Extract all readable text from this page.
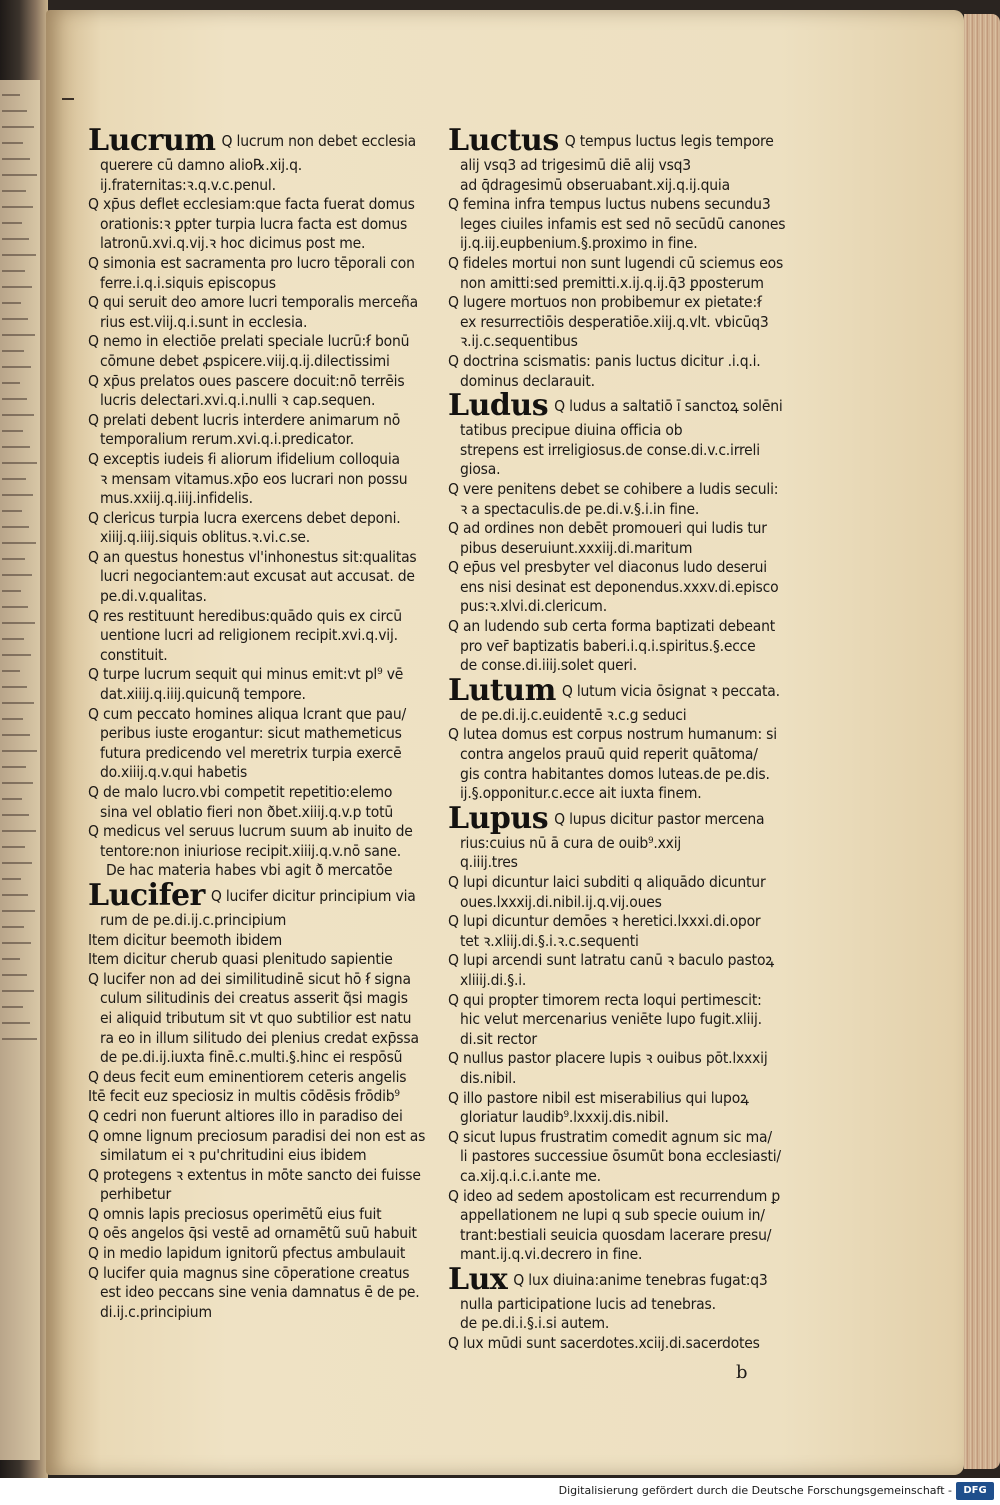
Lucrum Q lucrum non debet ecclesia
querere cū damno alio℞.xij.q.
ij.fraternitas:ꝛ.q.v.c.penul.
Q xp̄us defleŧ ecclesiam:que facta fuerat domus
orationis:ꝛ ꝑpter turpia lucra facta est domus
latronū.xvi.q.vij.ꝛ hoc dicimus post me.
Q simonia est sacramenta pro lucro tēporali con
ferre.i.q.i.siquis episcopus
Q qui seruit deo amore lucri temporalis merceña
rius est.viij.q.i.sunt in ecclesia.
Q nemo in electiōe prelati speciale lucrū:ẜ bonū
cōmune debet ꝓspicere.viij.q.ij.dilectissimi
Q xp̄us prelatos oues pascere docuit:nō terrēis
lucris delectari.xvi.q.i.nulli ꝛ cap.sequen.
Q prelati debent lucris interdere animarum nō
temporalium rerum.xvi.q.i.predicator.
Q exceptis iudeis ẜi aliorum ifidelium colloquia
ꝛ mensam vitamus.xp̄o eos lucrari non possu
mus.xxiij.q.iiij.infidelis.
Q clericus turpia lucra exercens debet deponi.
xiiij.q.iiij.siquis oblitus.ꝛ.vi.c.se.
Q an questus honestus vl'inhonestus sit:qualitas
lucri negociantem:aut excusat aut accusat. de
pe.di.v.qualitas.
Q res restituunt heredibus:quādo quis ex circū
uentione lucri ad religionem recipit.xvi.q.vij.
constituit.
Q turpe lucrum sequit qui minus emit:vt pl⁹ vē
dat.xiiij.q.iiij.quicunq̃ tempore.
Q cum peccato homines aliqua lcrant que pau/
peribus iuste erogantur: sicut mathemeticus
futura predicendo vel meretrix turpia exercē
do.xiiij.q.v.qui habetis
Q de malo lucro.vbi competit repetitio:elemo
sina vel oblatio fieri non ðbet.xiiij.q.v.p totū
Q medicus vel seruus lucrum suum ab inuito de
tentore:non iniuriose recipit.xiiij.q.v.nō sane.
De hac materia habes vbi agit ð mercatōe
Lucifer Q lucifer dicitur principium via
rum de pe.di.ij.c.principium
Item dicitur beemoth ibidem
Item dicitur cherub quasi plenitudo sapientie
Q lucifer non ad dei similitudinē sicut hō ẜ signa
culum silitudinis dei creatus asserit q̃si magis
ei aliquid tributum sit vt quo subtilior est natu
ra eo in illum silitudo dei plenius credat exp̄ssa
de pe.di.ij.iuxta finē.c.multi.§.hinc ei respōsũ
Q deus fecit eum eminentiorem ceteris angelis
Itē fecit euz speciosiz in multis cōdēsis frōdib⁹
Q cedri non fuerunt altiores illo in paradiso dei
Q omne lignum preciosum paradisi dei non est as
similatum ei ꝛ pu'chritudini eius ibidem
Q protegens ꝛ extentus in mōte sancto dei fuisse
perhibetur
Q omnis lapis preciosus operimētũ eius fuit
Q oēs angelos q̄si vestē ad ornamētũ suū habuit
Q in medio lapidum ignitorũ pfectus ambulauit
Q lucifer quia magnus sine cōperatione creatus
est ideo peccans sine venia damnatus ē de pe.
di.ij.c.principium
Luctus Q tempus luctus legis tempore
alij vsq3 ad trigesimū diē alij vsq3
ad q̄dragesimū obseruabant.xij.q.ij.quia
Q femina infra tempus luctus nubens secundu3
leges ciuiles infamis est sed nō secūdū canones
ij.q.iij.eupbenium.§.proximo in fine.
Q fideles mortui non sunt lugendi cū sciemus eos
non amitti:sed premitti.x.ij.q.ij.q̄3 ꝑposterum
Q lugere mortuos non probibemur ex pietate:ẜ
ex resurrectiōis desperatiōe.xiij.q.vlt. vbicūq3
ꝛ.ij.c.sequentibus
Q doctrina scismatis: panis luctus dicitur .i.q.i.
dominus declarauit.
Ludus Q ludus a saltatiō ī sanctoꝝ solēni
tatibus precipue diuina officia ob
strepens est irreligiosus.de conse.di.v.c.irreli
giosa.
Q vere penitens debet se cohibere a ludis seculi:
ꝛ a spectaculis.de pe.di.v.§.i.in fine.
Q ad ordines non debēt promoueri qui ludis tur
pibus deseruiunt.xxxiij.di.maritum
Q ep̄us vel presbyter vel diaconus ludo deserui
ens nisi desinat est deponendus.xxxv.di.episco
pus:ꝛ.xlvi.di.clericum.
Q an ludendo sub certa forma baptizati debeant
pro ver̄ baptizatis baberi.i.q.i.spiritus.§.ecce
de conse.di.iiij.solet queri.
Lutum Q lutum vicia ōsignat ꝛ peccata.
de pe.di.ij.c.euidentē ꝛ.c.g seduci
Q lutea domus est corpus nostrum humanum: si
contra angelos prauū quid reperit quātoma/
gis contra habitantes domos luteas.de pe.dis.
ij.§.opponitur.c.ecce ait iuxta finem.
Lupus Q lupus dicitur pastor mercena
rius:cuius nū ā cura de ouib⁹.xxij
q.iiij.tres
Q lupi dicuntur laici subditi q aliquādo dicuntur
oues.lxxxij.di.nibil.ij.q.vij.oues
Q lupi dicuntur demōes ꝛ heretici.lxxxi.di.opor
tet ꝛ.xliij.di.§.i.ꝛ.c.sequenti
Q lupi arcendi sunt latratu canū ꝛ baculo pastoꝝ
xliiij.di.§.i.
Q qui propter timorem recta loqui pertimescit:
hic velut mercenarius veniēte lupo fugit.xliij.
di.sit rector
Q nullus pastor placere lupis ꝛ ouibus pōt.lxxxij
dis.nibil.
Q illo pastore nibil est miserabilius qui lupoꝝ
gloriatur laudib⁹.lxxxij.dis.nibil.
Q sicut lupus frustratim comedit agnum sic ma/
li pastores successiue ōsumūt bona ecclesiasti/
ca.xij.q.i.c.i.ante me.
Q ideo ad sedem apostolicam est recurrendum ꝑ
appellationem ne lupi q sub specie ouium in/
trant:bestiali seuicia quosdam lacerare presu/
mant.ij.q.vi.decrero in fine.
Lux Q lux diuina:anime tenebras fugat:q3
nulla participatione lucis ad tenebras.
de pe.di.i.§.i.si autem.
Q lux mūdi sunt sacerdotes.xciij.di.sacerdotes
b
Digitalisierung gefördert durch die Deutsche Forschungsgemeinschaft -	DFG
